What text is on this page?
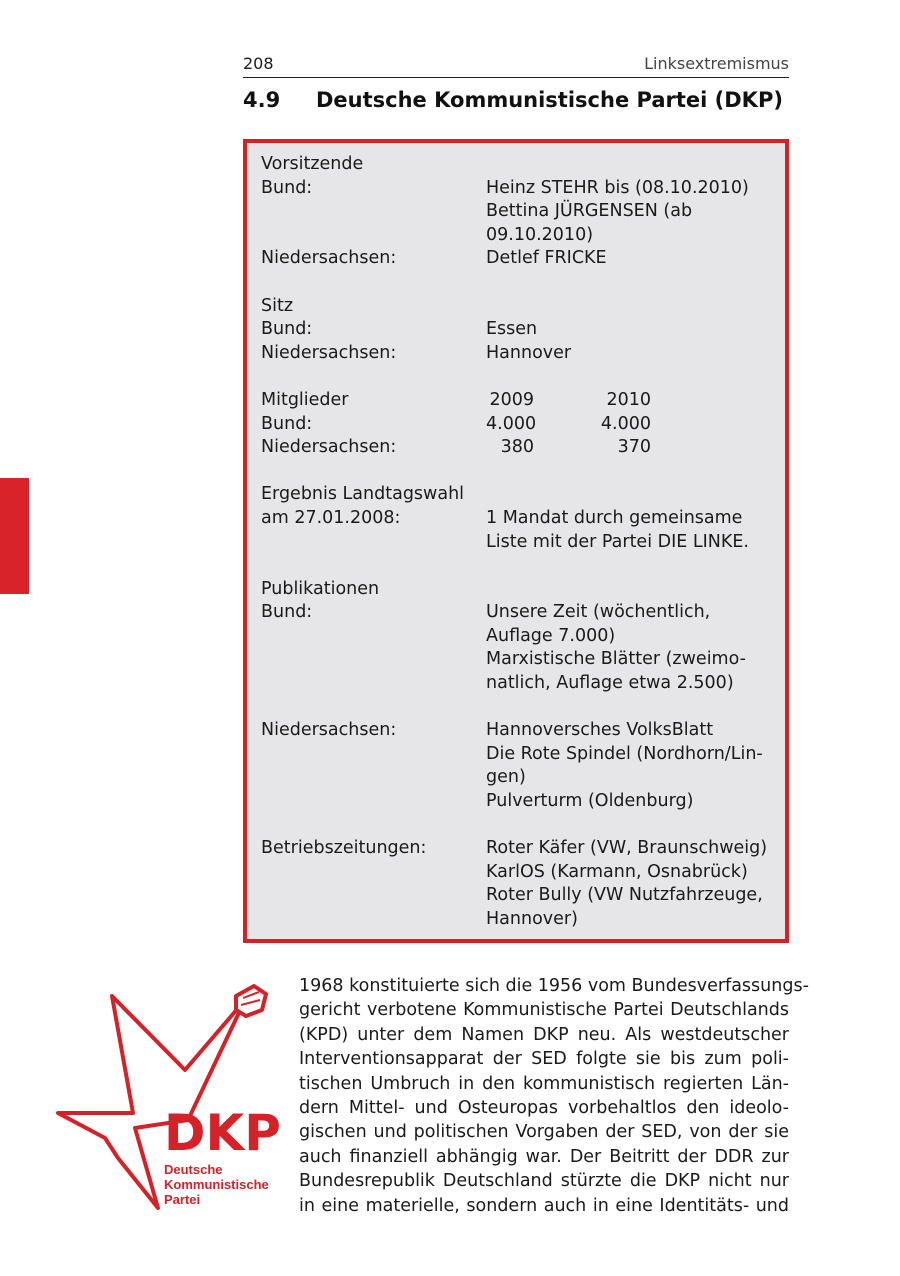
208	Linksextremismus
4.9 Deutsche Kommunistische Partei (DKP)
Vorsitzende
Bund:	Heinz STEHR bis (08.10.2010)
Bettina JÜRGENSEN (ab
09.10.2010)
Niedersachsen:	Detlef FRICKE
Sitz
Bund:	Essen
Niedersachsen:	Hannover
Mitglieder	2009	2010
Bund:	4.000	4.000
Niedersachsen:	380	370
Ergebnis Landtagswahl
am 27.01.2008:	1 Mandat durch gemeinsame
Liste mit der Partei DIE LINKE.
Publikationen
Bund:	Unsere Zeit (wöchentlich,
Auflage 7.000)
Marxistische Blätter (zweimo-
natlich, Auflage etwa 2.500)
Niedersachsen:	Hannoversches VolksBlatt
Die Rote Spindel (Nordhorn/Lin-
gen)
Pulverturm (Oldenburg)
Betriebszeitungen:	Roter Käfer (VW, Braunschweig)
KarlOS (Karmann, Osnabrück)
Roter Bully (VW Nutzfahrzeuge,
Hannover)
DKP
Deutsche
Kommunistische
Partei
1968 konstituierte sich die 1956 vom Bundesverfassungs-
gericht verbotene Kommunistische Partei Deutschlands
(KPD) unter dem Namen DKP neu. Als westdeutscher
Interventionsapparat der SED folgte sie bis zum poli-
tischen Umbruch in den kommunistisch regierten Län-
dern Mittel- und Osteuropas vorbehaltlos den ideolo-
gischen und politischen Vorgaben der SED, von der sie
auch finanziell abhängig war. Der Beitritt der DDR zur
Bundesrepublik Deutschland stürzte die DKP nicht nur
in eine materielle, sondern auch in eine Identitäts- und
